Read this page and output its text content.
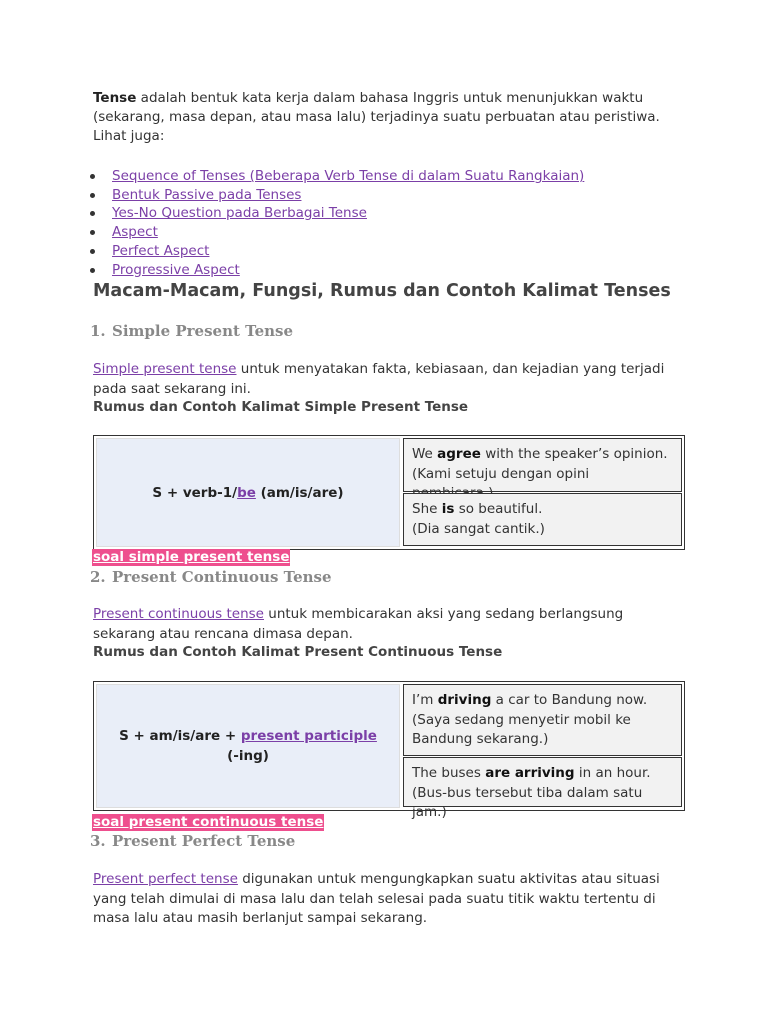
Tense adalah bentuk kata kerja dalam bahasa Inggris untuk menunjukkan waktu
(sekarang, masa depan, atau masa lalu) terjadinya suatu perbuatan atau peristiwa.
Lihat juga:
Sequence of Tenses (Beberapa Verb Tense di dalam Suatu Rangkaian)
Bentuk Passive pada Tenses
Yes-No Question pada Berbagai Tense
Aspect
Perfect Aspect
Progressive Aspect
Macam-Macam, Fungsi, Rumus dan Contoh Kalimat Tenses
1. Simple Present Tense
Simple present tense untuk menyatakan fakta, kebiasaan, dan kejadian yang terjadi
pada saat sekarang ini.
Rumus dan Contoh Kalimat Simple Present Tense
S + verb-1/be (am/is/are)
We agree with the speaker’s opinion.
(Kami setuju dengan opini
She is so beautiful.
(Dia sangat cantik.)
soal simple present tense
2. Present Continuous Tense
Present continuous tense untuk membicarakan aksi yang sedang berlangsung
sekarang atau rencana dimasa depan.
Rumus dan Contoh Kalimat Present Continuous Tense
S + am/is/are + present participle (-ing)
I’m driving a car to Bandung now.
(Saya sedang menyetir mobil ke Bandung sekarang.)
The buses are arriving in an hour.
(Bus-bus tersebut tiba dalam satu jam.)
soal present continuous tense
3. Present Perfect Tense
Present perfect tense digunakan untuk mengungkapkan suatu aktivitas atau situasi
yang telah dimulai di masa lalu dan telah selesai pada suatu titik waktu tertentu di
masa lalu atau masih berlanjut sampai sekarang.
